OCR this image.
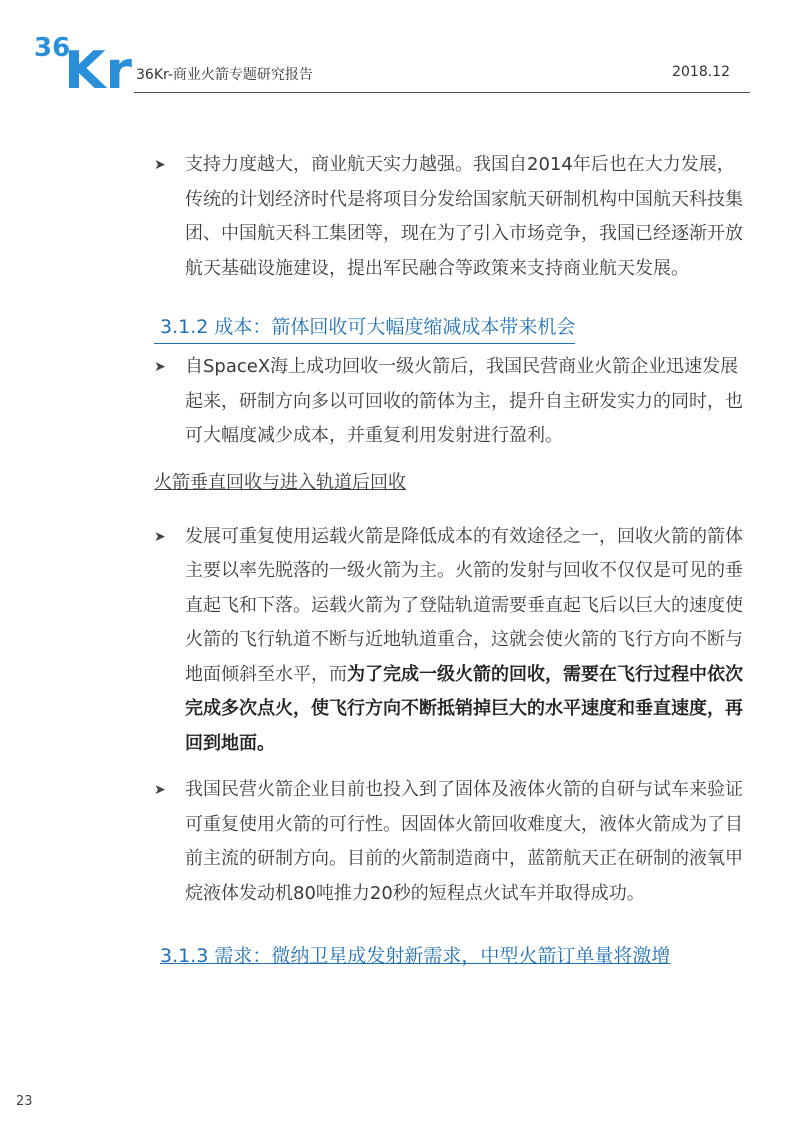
36
Kr 36Kr-商业火箭专题研究报告	2018.12
➤ 支持力度越大，商业航天实力越强。我国自2014年后也在大力发展，传统的计划经济时代是将项目分发给国家航天研制机构中国航天科技集团、中国航天科工集团等，现在为了引入市场竞争，我国已经逐渐开放航天基础设施建设，提出军民融合等政策来支持商业航天发展。
3.1.2 成本：箭体回收可大幅度缩减成本带来机会
➤ 自SpaceX海上成功回收一级火箭后，我国民营商业火箭企业迅速发展起来，研制方向多以可回收的箭体为主，提升自主研发实力的同时，也可大幅度减少成本，并重复利用发射进行盈利。
火箭垂直回收与进入轨道后回收
➤ 发展可重复使用运载火箭是降低成本的有效途径之一，回收火箭的箭体主要以率先脱落的一级火箭为主。火箭的发射与回收不仅仅是可见的垂直起飞和下落。运载火箭为了登陆轨道需要垂直起飞后以巨大的速度使火箭的飞行轨道不断与近地轨道重合，这就会使火箭的飞行方向不断与地面倾斜至水平，而为了完成一级火箭的回收，需要在飞行过程中依次完成多次点火，使飞行方向不断抵销掉巨大的水平速度和垂直速度，再回到地面。
➤ 我国民营火箭企业目前也投入到了固体及液体火箭的自研与试车来验证可重复使用火箭的可行性。因固体火箭回收难度大，液体火箭成为了目前主流的研制方向。目前的火箭制造商中，蓝箭航天正在研制的液氧甲烷液体发动机80吨推力20秒的短程点火试车并取得成功。
3.1.3 需求：微纳卫星成发射新需求，中型火箭订单量将激增
23
